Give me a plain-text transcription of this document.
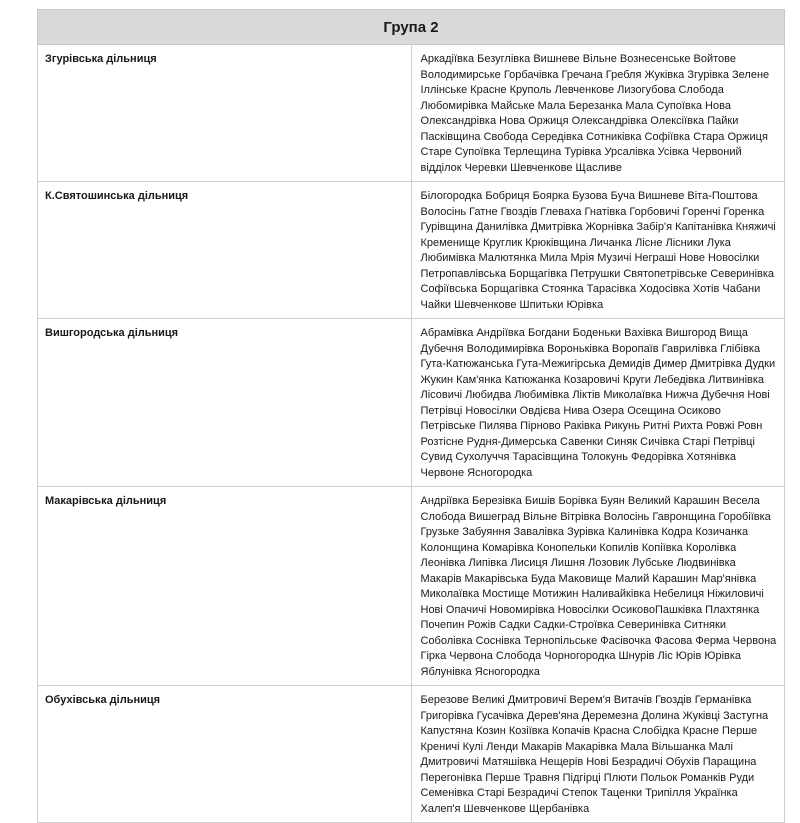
Група 2	
Згурівська дільниця	Аркадіївка Безуглівка Вишневе Вільне Вознесенське Войтове Володимирське Горбачівка Гречана Гребля Жуківка Згурівка Зелене Іллінське Красне Круполь Левченкове Лизогубова Слобода Любомирівка Майське Мала Березанка Мала Супоївка Нова Олександрівка Нова Оржиця Олександрівка Олексіївка Пайки Пасківщина Свобода Середівка Сотниківка Софіївка Стара Оржиця Старе Супоївка Терлещина Турівка Урсалівка Усівка Червоний відділок Черевки Шевченкове Щасливе
К.Святошинська дільниця	Білогородка Бобриця Боярка Бузова Буча Вишневе Віта-Поштова Волосінь Гатне Гвоздів Глеваха Гнатівка Горбовичі Горенчі Горенка Гурівщина Данилівка Дмитрівка Жорнівка Забір'я Капітанівка Княжичі Кременище Круглик Крюківщина Личанка Лісне Лісники Лука Любимівка Малютянка Мила Мрія Музичі Неграші Нове Новосілки Петропавлівська Борщагівка Петрушки Святопетрівське Северинівка Софіївська Борщагівка Стоянка Тарасівка Ходосівка Хотів Чабани Чайки Шевченкове Шпитьки Юрівка
Вишгородська дільниця	Абрамівка Андріївка Богдани Боденьки Вахівка Вишгород Вища Дубечня Володимирівка Вороньківка Воропаїв Гаврилівка Глібівка Гута-Катюжанська Гута-Межигірська Демидів Димер Дмитрівка Дудки Жукин Кам'янка Катюжанка Козаровичі Круги Лебедівка Литвинівка Лісовичі Любидва Любимівка Ліктів Миколаївка Нижча Дубечня Нові Петрівці Новосілки Овдієва Нива Озера Осещина Осиково Петрівське Пилява Пірново Раківка Рикунь Ритні Рихта Ровжі Ровн Розтісне Рудня-Димерська Савенки Синяк Сичівка Старі Петрівці Сувид Сухолуччя Тарасівщина Толокунь Федорівка Хотянівка Червоне Ясногородка
Макарівська дільниця	Андріївка Березівка Бишів Борівка Буян Великий Карашин Весела Слобода Вишеград Вільне Вітрівка Волосінь Гавронщина Горобіївка Грузьке Забуяння Завалівка Зурівка Калинівка Кодра Козичанка Колонщина Комарівка Конопельки Копилів Копіївка Королівка Леонівка Липівка Лисиця Лишня Лозовик Лубське Людвинівка Макарів Макарівська Буда Маковище Малий Карашин Мар'янівка Миколаївка Мостище Мотижин Наливайківка Небелиця Ніжиловичі Нові Опачичі Новомирівка Новосілки ОсиковоПашківка Плахтянка Почепин Рожів Садки Садки-Строївка Северинівка Ситняки Соболівка Соснівка Тернопільське Фасівочка Фасова Ферма Червона Гірка Червона Слобода Чорногородка Шнурів Ліс Юрів Юрівка Яблунівка Ясногородка
Обухівська дільниця	Березове Великі Дмитровичі Верем'я Витачів Гвоздів Германівка Григорівка Гусачівка Дерев'яна Деремезна Долина Жуківці Застугна Капустяна Козин Козіївка Копачів Красна Слобідка Красне Перше Креничі Кулі Ленди Макарів Макарівка Мала Вільшанка Малі Дмитровичі Матяшівка Нещерів Нові Безрадичі Обухів Паращина Перегонівка Перше Травня Підгірці Плюти Польок Романків Руди Семенівка Старі Безрадичі Степок Таценки Трипілля Українка Халеп'я Шевченкове Щербанівка
